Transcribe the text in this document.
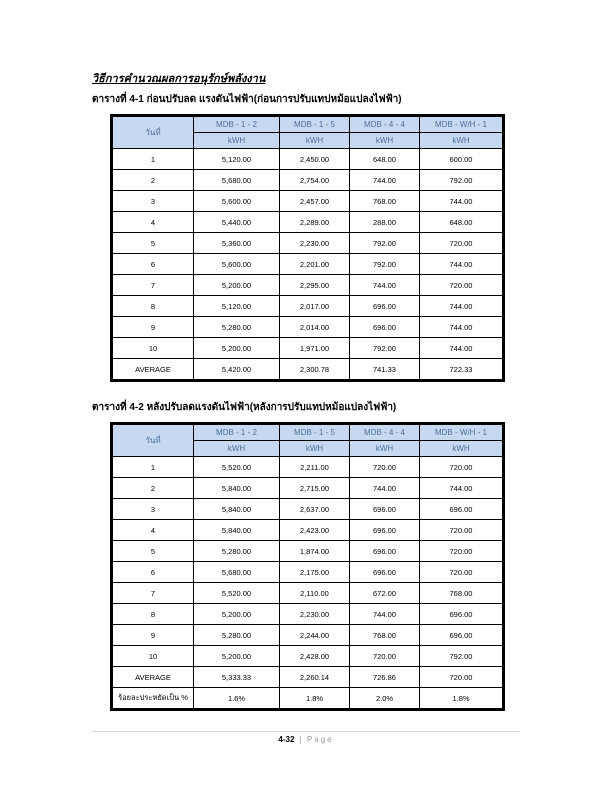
วิธีการคำนวณผลการอนุรักษ์พลังงาน
ตารางที่ 4-1 ก่อนปรับลด แรงดันไฟฟ้า(ก่อนการปรับแทปหม้อแปลงไฟฟ้า)
วันที่	MDB - 1 - 2	MDB - 1 - 5	MDB - 4 - 4	MDB - W/H - 1
	kWH	kWH	kWH	kWH
1	5,120.00	2,450.00	648.00	600.00
2	5,680.00	2,754.00	744.00	792.00
3	5,600.00	2,457.00	768.00	744.00
4	5,440.00	2,289.00	288.00	648.00
5	5,360.00	2,230.00	792.00	720.00
6	5,600.00	2,201.00	792.00	744.00
7	5,200.00	2,295.00	744.00	720.00
8	5,120.00	2,017.00	696.00	744.00
9	5,280.00	2,014.00	696.00	744.00
10	5,200.00	1,971.00	792.00	744.00
AVERAGE	5,420.00	2,300.78	741.33	722.33
ตารางที่ 4-2 หลังปรับลดแรงดันไฟฟ้า(หลังการปรับแทปหม้อแปลงไฟฟ้า)
วันที่	MDB - 1 - 2	MDB - 1 - 5	MDB - 4 - 4	MDB - W/H - 1
	kWH	kWH	kWH	kWH
1	5,520.00	2,211.00	720.00	720.00
2	5,840.00	2,715.00	744.00	744.00
3	5,840.00	2,637.00	696.00	696.00
4	5,840.00	2,423.00	696.00	720.00
5	5,280.00	1,874.00	696.00	720.00
6	5,680.00	2,175.00	696.00	720.00
7	5,520.00	2,110.00	672.00	768.00
8	5,200.00	2,230.00	744.00	696.00
9	5,280.00	2,244.00	768.00	696.00
10	5,200.00	2,428.00	720.00	792.00
AVERAGE	5,333.33	2,260.14	726.86	720.00
ร้อยละประหยัดเป็น %	1.6%	1.8%	2.0%	1.8%
4-32 | Page
